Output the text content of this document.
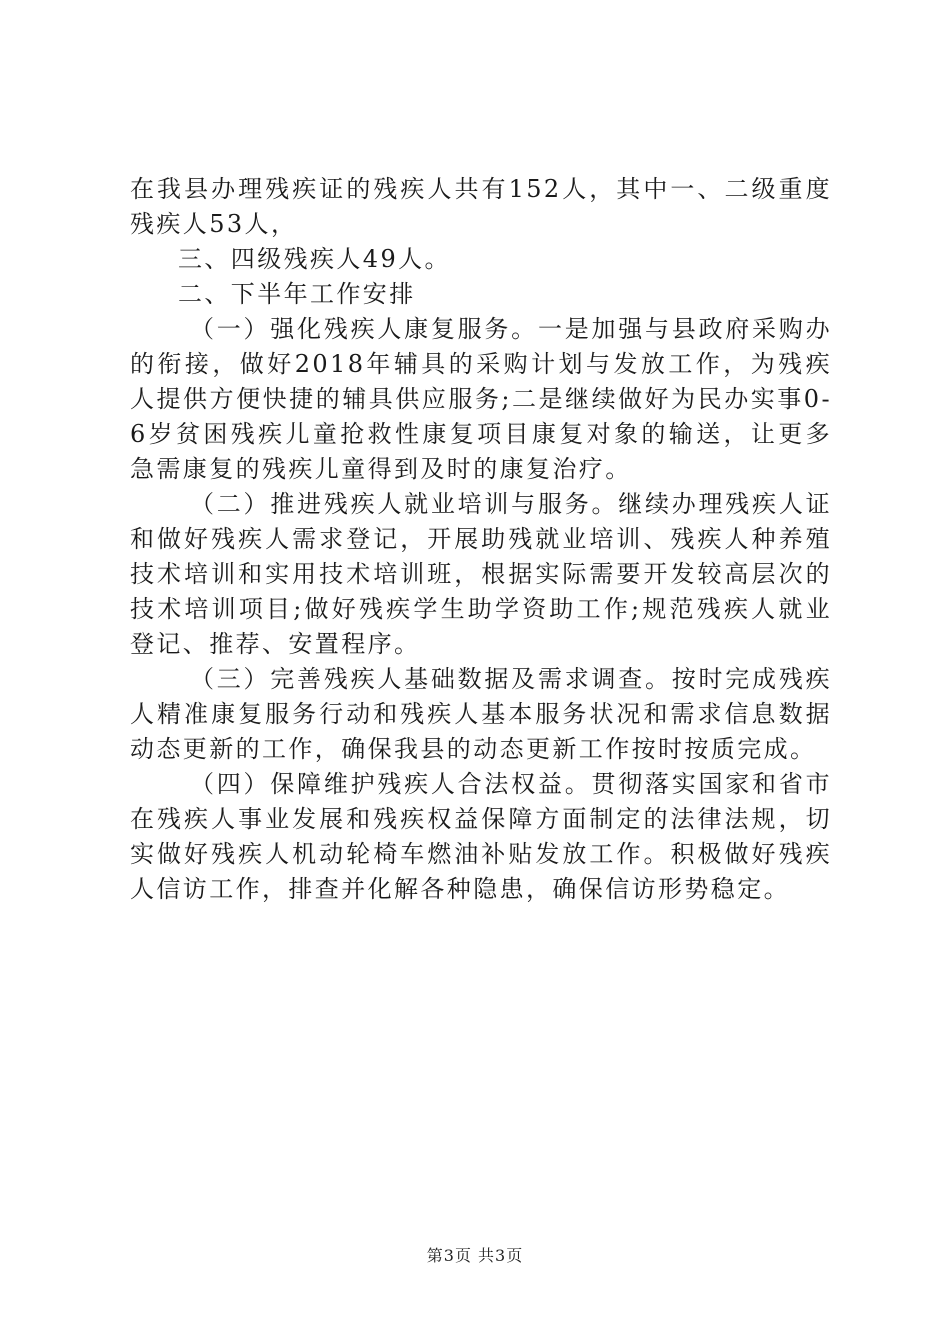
在我县办理残疾证的残疾人共有152人，其中一、二级重度残疾人53人，

三、四级残疾人49人。

二、下半年工作安排

（一）强化残疾人康复服务。一是加强与县政府采购办的衔接，做好2018年辅具的采购计划与发放工作，为残疾人提供方便快捷的辅具供应服务;二是继续做好为民办实事0-6岁贫困残疾儿童抢救性康复项目康复对象的输送，让更多急需康复的残疾儿童得到及时的康复治疗。

（二）推进残疾人就业培训与服务。继续办理残疾人证和做好残疾人需求登记，开展助残就业培训、残疾人种养殖技术培训和实用技术培训班，根据实际需要开发较高层次的技术培训项目;做好残疾学生助学资助工作;规范残疾人就业登记、推荐、安置程序。

（三）完善残疾人基础数据及需求调查。按时完成残疾人精准康复服务行动和残疾人基本服务状况和需求信息数据动态更新的工作，确保我县的动态更新工作按时按质完成。

（四）保障维护残疾人合法权益。贯彻落实国家和省市在残疾人事业发展和残疾权益保障方面制定的法律法规，切实做好残疾人机动轮椅车燃油补贴发放工作。积极做好残疾人信访工作，排查并化解各种隐患，确保信访形势稳定。

第3页 共3页
